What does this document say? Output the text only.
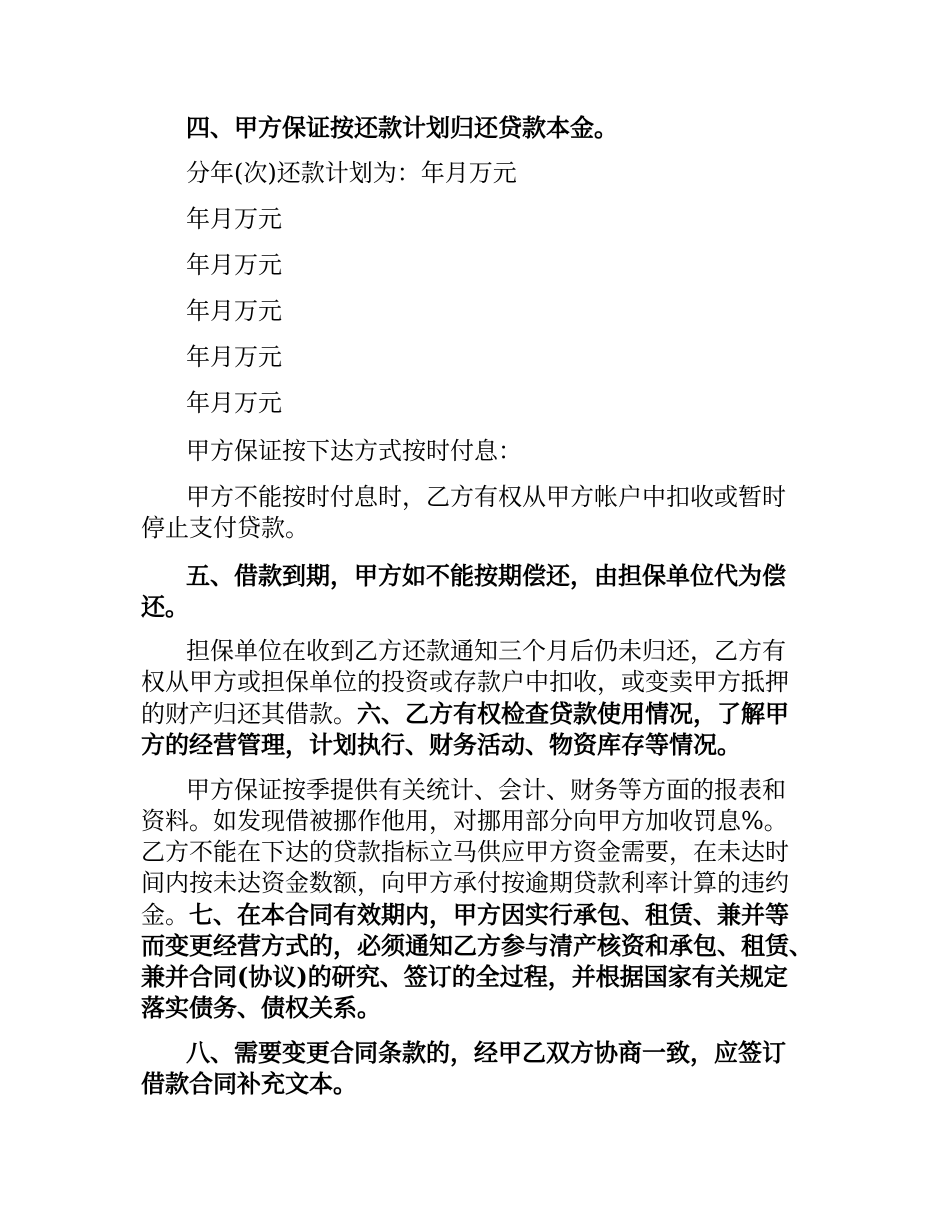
四、甲方保证按还款计划归还贷款本金。

分年(次)还款计划为：年月万元

年月万元

年月万元

年月万元

年月万元

年月万元

甲方保证按下达方式按时付息：

甲方不能按时付息时，乙方有权从甲方帐户中扣收或暂时

停止支付贷款。

五、借款到期，甲方如不能按期偿还，由担保单位代为偿

还。

担保单位在收到乙方还款通知三个月后仍未归还，乙方有

权从甲方或担保单位的投资或存款户中扣收，或变卖甲方抵押

的财产归还其借款。六、乙方有权检查贷款使用情况，了解甲

方的经营管理，计划执行、财务活动、物资库存等情况。

甲方保证按季提供有关统计、会计、财务等方面的报表和

资料。如发现借被挪作他用，对挪用部分向甲方加收罚息%。

乙方不能在下达的贷款指标立马供应甲方资金需要，在未达时

间内按未达资金数额，向甲方承付按逾期贷款利率计算的违约

金。七、在本合同有效期内，甲方因实行承包、租赁、兼并等

而变更经营方式的，必须通知乙方参与清产核资和承包、租赁、

兼并合同(协议)的研究、签订的全过程，并根据国家有关规定

落实债务、债权关系。

八、需要变更合同条款的，经甲乙双方协商一致，应签订

借款合同补充文本。
